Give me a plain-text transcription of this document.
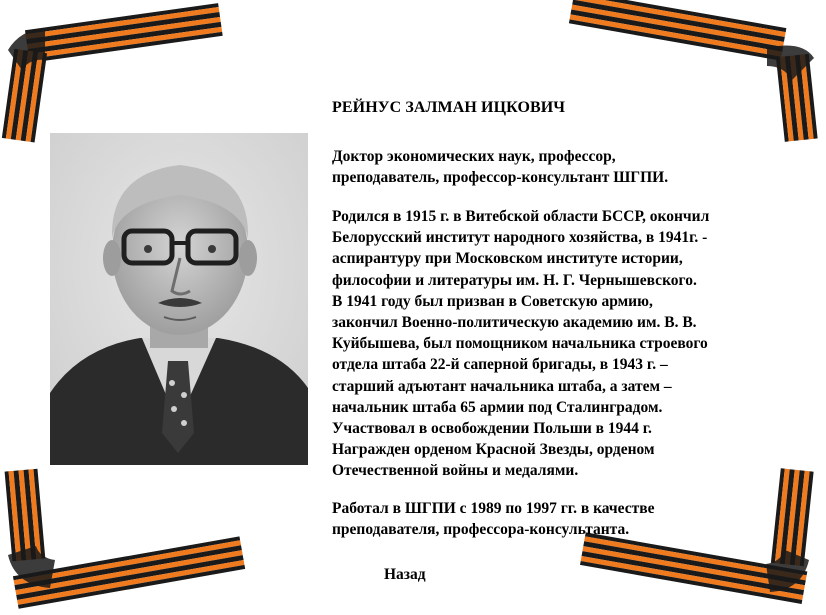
РЕЙНУС ЗАЛМАН ИЦКОВИЧ

Доктор экономических наук, профессор,
преподаватель, профессор-консультант ШГПИ.

Родился в 1915 г. в Витебской области БССР, окончил
Белорусский институт народного хозяйства, в 1941г. -
аспирантуру при Московском институте истории,
философии и литературы им. Н. Г. Чернышевского.
В 1941 году был призван в Советскую армию,
закончил Военно-политическую академию им. В. В.
Куйбышева, был помощником начальника строевого
отдела штаба 22-й саперной бригады, в 1943 г. –
старший адъютант начальника штаба, а затем –
начальник штаба 65 армии под Сталинградом.
Участвовал в освобождении Польши в 1944 г.
Награжден орденом Красной Звезды, орденом
Отечественной войны и медалями.

Работал в ШГПИ с 1989 по 1997 гг. в качестве
преподавателя, профессора-консультанта.

Назад
